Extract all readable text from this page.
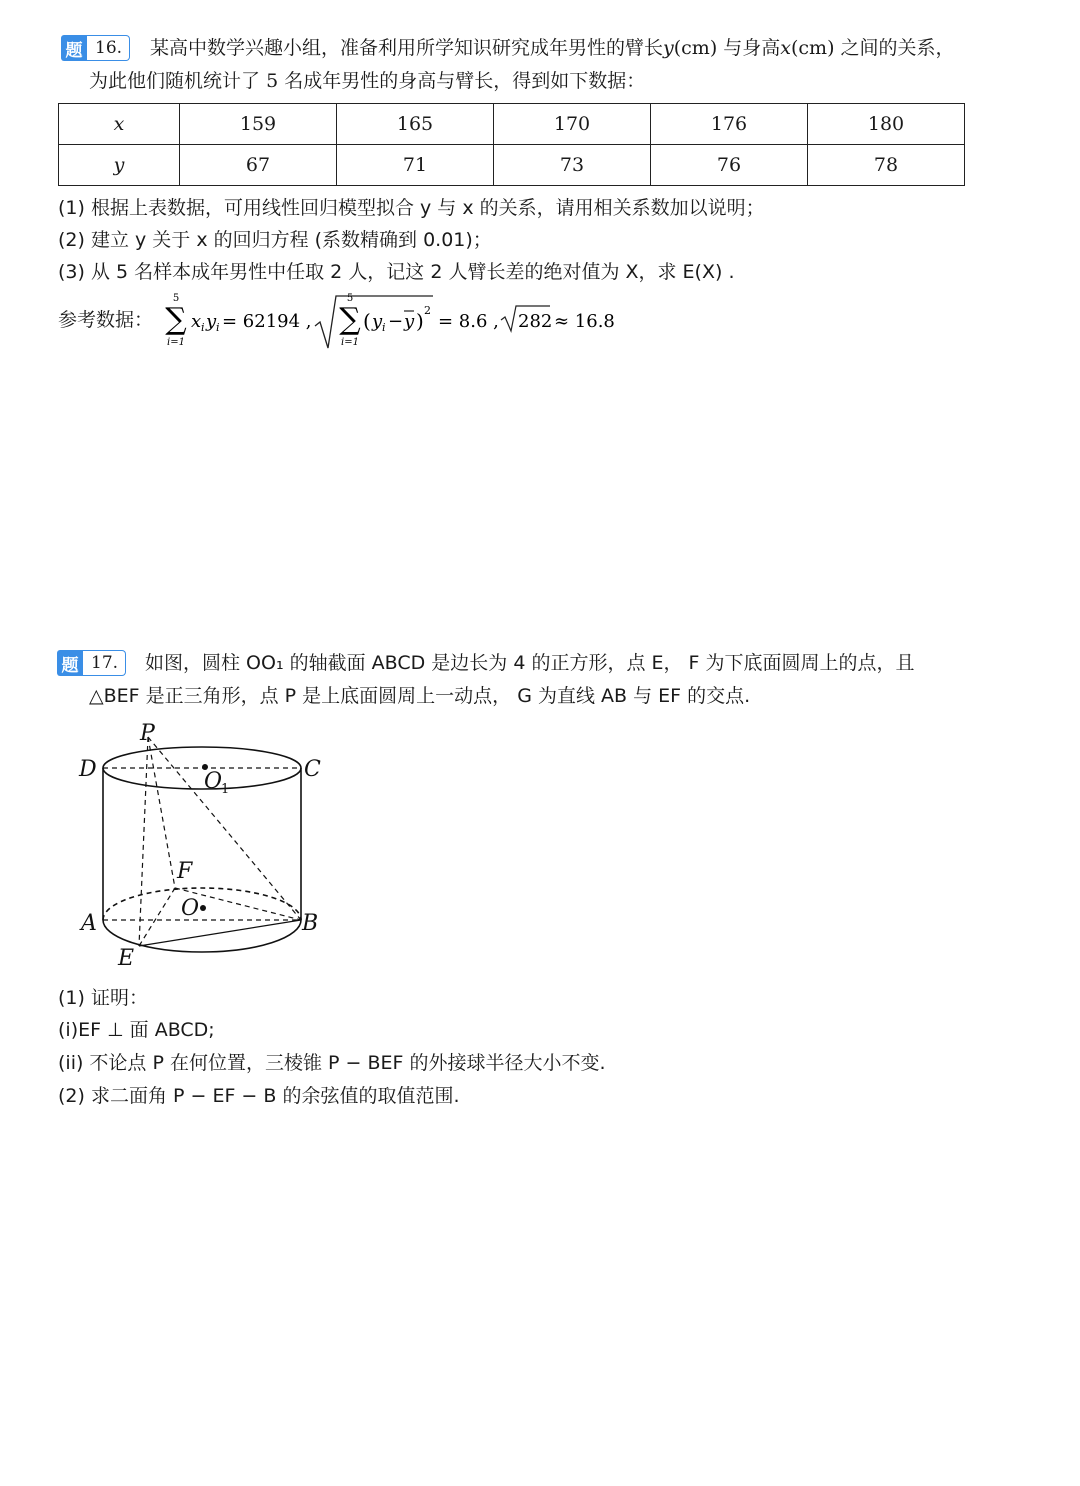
题 16.	某高中数学兴趣小组，准备利用所学知识研究成年男性的臂长y(cm) 与身高x(cm) 之间的关系，
为此他们随机统计了 5 名成年男性的身高与臂长，得到如下数据：
x	159	165	170	176	180
y	67	71	73	76	78
(1) 根据上表数据，可用线性回归模型拟合 y 与 x 的关系，请用相关系数加以说明；
(2) 建立 y 关于 x 的回归方程 (系数精确到 0.01)；
(3) 从 5 名样本成年男性中任取 2 人，记这 2 人臂长差的绝对值为 X，求 E(X) .
参考数据：
5
∑
i=1
x i y i = 62194 ,
5
∑
i=1
( y i − y ) 2
= 8.6 , 282 ≈ 16.8
题 17.	如图，圆柱 OO₁ 的轴截面 ABCD 是边长为 4 的正方形，点 E， F 为下底面圆周上的点，且
△BEF 是正三角形，点 P 是上底面圆周上一动点， G 为直线 AB 与 EF 的交点.
P
D	C
O
1
F
O
A	B
E
(1) 证明：
(i)EF ⊥ 面 ABCD;
(ii) 不论点 P 在何位置，三棱锥 P − BEF 的外接球半径大小不变.
(2) 求二面角 P − EF − B 的余弦值的取值范围.
